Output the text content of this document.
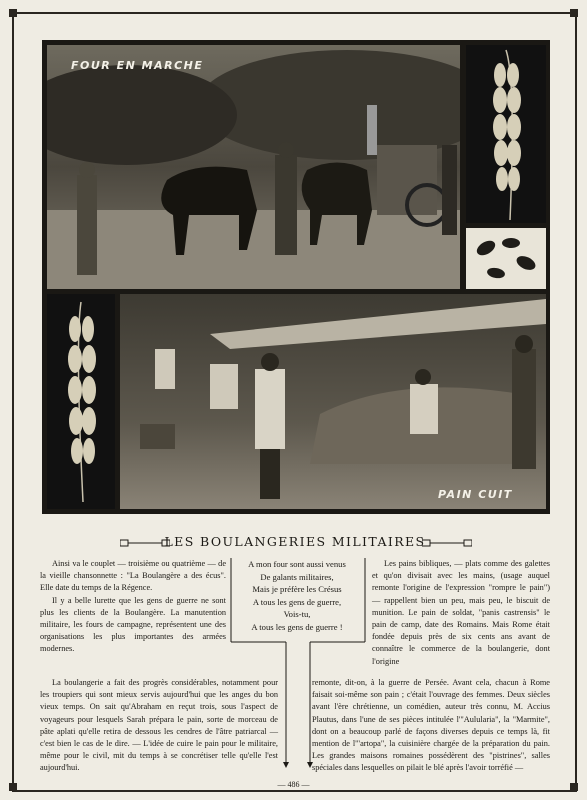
FOUR EN MARCHE
PAIN CUIT
LES BOULANGERIES MILITAIRES

Ainsi va le couplet — troisième ou quatrième — de la vieille chansonnette : "La Boulangère a des écus". Elle date du temps de la Régence.

Il y a belle lurette que les gens de guerre ne sont plus les clients de la Boulangère. La manutention militaire, les fours de campagne, représentent une des organisations les plus importantes des armées modernes.

La boulangerie a fait des progrès considérables, notamment pour les troupiers qui sont mieux servis aujourd'hui que les anges du bon vieux temps. On sait qu'Abraham en reçut trois, sous l'aspect de voyageurs pour lesquels Sarah prépara le pain, sorte de morceau de pâte aplati qu'elle retira de dessous les cendres de l'âtre patriarcal — c'est bien le cas de le dire. — L'idée de cuire le pain pour le militaire, même pour le civil, mit du temps à se concrétiser telle qu'elle l'est aujourd'hui.

A mon four sont aussi venus
De galants militaires,
Mais je préfère les Crésus
A tous les gens de guerre,
Vois-tu,
A tous les gens de guerre !

Les pains bibliques, — plats comme des galettes et qu'on divisait avec les mains, (usage auquel remonte l'origine de l'expression "rompre le pain") — rappellent bien un peu, mais peu, le biscuit de munition. Le pain de soldat, "panis castrensis" le pain de camp, date des Romains. Mais Rome était fondée depuis près de six cents ans avant de connaître le commerce de la boulangerie, dont l'origine

remonte, dit-on, à la guerre de Persée. Avant cela, chacun à Rome faisait soi-même son pain ; c'était l'ouvrage des femmes. Deux siècles avant l'ère chrétienne, un comédien, auteur très connu, M. Accius Plautus, dans l'une de ses pièces intitulée l'"Aulularia", la "Marmite", dont on a beaucoup parlé de façons diverses depuis ce temps là, fit mention de l'"artopa", la cuisinière chargée de la préparation du pain. Les grandes maisons romaines possédèrent des "pistrines", salles spéciales dans lesquelles on pilait le blé après l'avoir torréfié —

— 486 —
